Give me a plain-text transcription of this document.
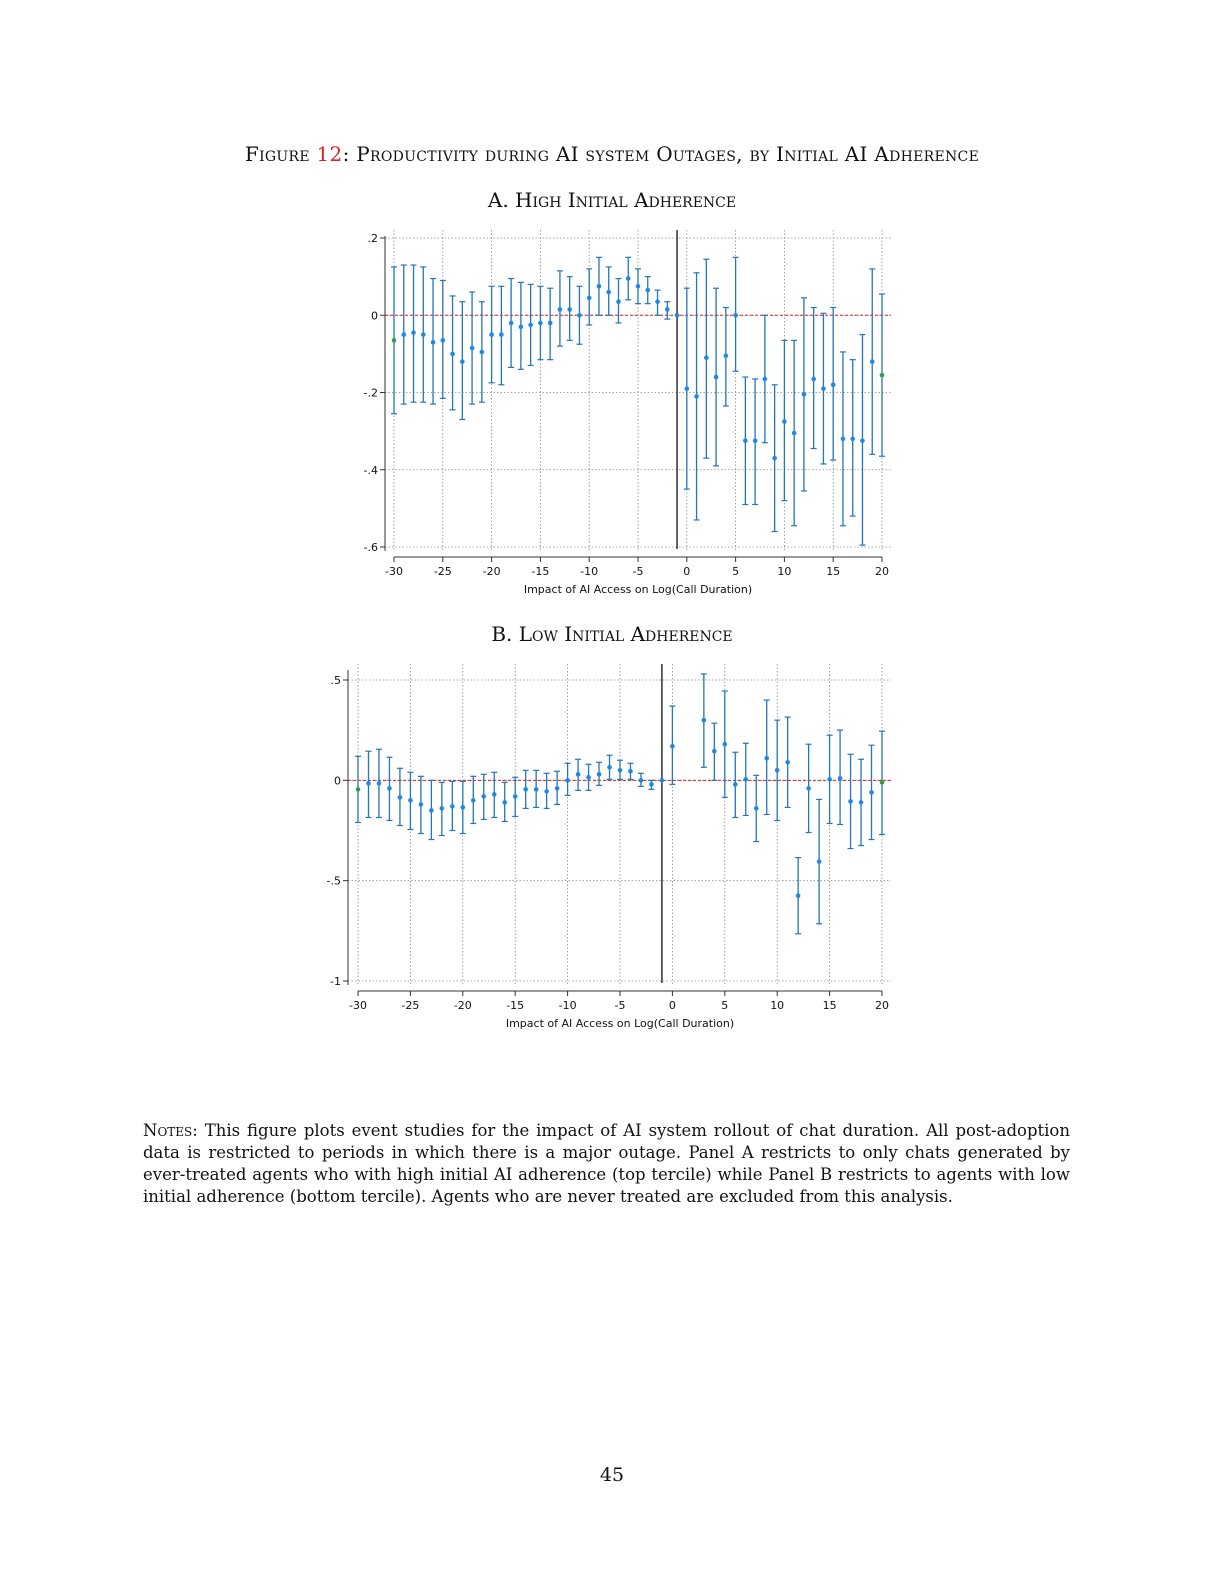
Figure 12: Productivity during AI system Outages, by Initial AI Adherence
A. High Initial Adherence
.2
0
-.2
-.4
-.6
-30	-25	-20	-15	-10	-5	0	5	10	15	20
Impact of AI Access on Log(Call Duration)
B. Low Initial Adherence
.5
0
-.5
-1
-30	-25	-20	-15	-10	-5	0	5	10	15	20
Impact of AI Access on Log(Call Duration)
Notes: This figure plots event studies for the impact of AI system rollout of chat duration. All post-adoption data is restricted to periods in which there is a major outage. Panel A restricts to only chats generated by ever-treated agents who with high initial AI adherence (top tercile) while Panel B restricts to agents with low initial adherence (bottom tercile). Agents who are never treated are excluded from this analysis.
45
